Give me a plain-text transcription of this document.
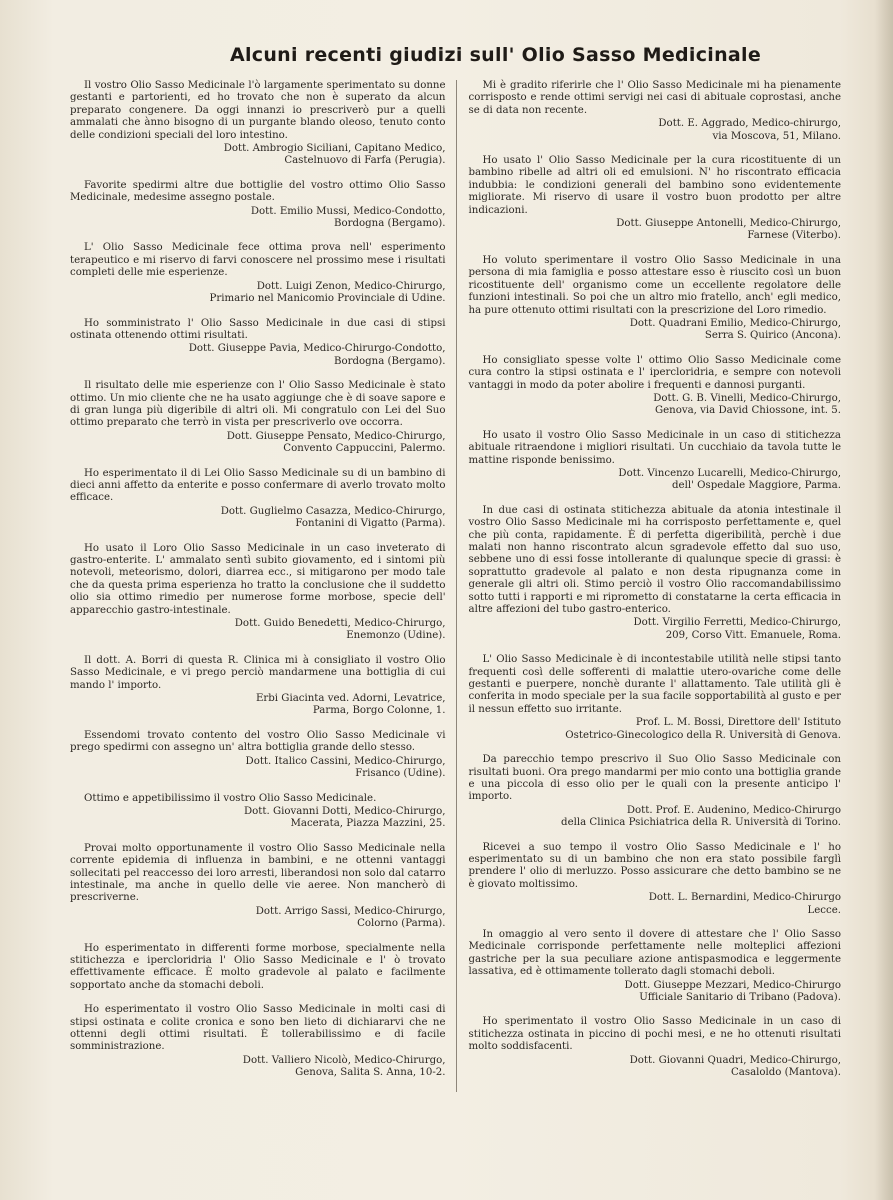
Alcuni recenti giudizi sull' Olio Sasso Medicinale

Il vostro Olio Sasso Medicinale l'ò largamente sperimentato su donne gestanti e partorienti, ed ho trovato che non è superato da alcun preparato congenere. Da oggi innanzi io prescriverò pur a quelli ammalati che ànno bisogno di un purgante blando oleoso, tenuto conto delle condizioni speciali del loro intestino.

Dott. Ambrogio Siciliani, Capitano Medico,
Castelnuovo di Farfa (Perugia).

Favorite spedirmi altre due bottiglie del vostro ottimo Olio Sasso Medicinale, medesime assegno postale.

Dott. Emilio Mussi, Medico-Condotto,
Bordogna (Bergamo).

L' Olio Sasso Medicinale fece ottima prova nell' esperimento terapeutico e mi riservo di farvi conoscere nel prossimo mese i risultati completi delle mie esperienze.

Dott. Luigi Zenon, Medico-Chirurgo,
Primario nel Manicomio Provinciale di Udine.

Ho somministrato l' Olio Sasso Medicinale in due casi di stipsi ostinata ottenendo ottimi risultati.

Dott. Giuseppe Pavia, Medico-Chirurgo-Condotto,
Bordogna (Bergamo).

Il risultato delle mie esperienze con l' Olio Sasso Medicinale è stato ottimo. Un mio cliente che ne ha usato aggiunge che è di soave sapore e di gran lunga più digeribile di altri oli. Mi congratulo con Lei del Suo ottimo preparato che terrò in vista per prescriverlo ove occorra.

Dott. Giuseppe Pensato, Medico-Chirurgo,
Convento Cappuccini, Palermo.

Ho esperimentato il di Lei Olio Sasso Medicinale su di un bambino di dieci anni affetto da enterite e posso confermare di averlo trovato molto efficace.

Dott. Guglielmo Casazza, Medico-Chirurgo,
Fontanini di Vigatto (Parma).

Ho usato il Loro Olio Sasso Medicinale in un caso inveterato di gastro-enterite. L' ammalato sentì subito giovamento, ed i sintomi più notevoli, meteorismo, dolori, diarrea ecc., si mitigarono per modo tale che da questa prima esperienza ho tratto la conclusione che il suddetto olio sia ottimo rimedio per numerose forme morbose, specie dell' apparecchio gastro-intestinale.

Dott. Guido Benedetti, Medico-Chirurgo,
Enemonzo (Udine).

Il dott. A. Borri di questa R. Clinica mi à consigliato il vostro Olio Sasso Medicinale, e vi prego perciò mandarmene una bottiglia di cui mando l' importo.

Erbi Giacinta ved. Adorni, Levatrice,
Parma, Borgo Colonne, 1.

Essendomi trovato contento del vostro Olio Sasso Medicinale vi prego spedirmi con assegno un' altra bottiglia grande dello stesso.

Dott. Italico Cassini, Medico-Chirurgo,
Frisanco (Udine).

Ottimo e appetibilissimo il vostro Olio Sasso Medicinale.

Dott. Giovanni Dotti, Medico-Chirurgo,
Macerata, Piazza Mazzini, 25.

Provai molto opportunamente il vostro Olio Sasso Medicinale nella corrente epidemia di influenza in bambini, e ne ottenni vantaggi sollecitati pel reaccesso dei loro arresti, liberandosi non solo dal catarro intestinale, ma anche in quello delle vie aeree. Non mancherò di prescriverne.

Dott. Arrigo Sassi, Medico-Chirurgo,
Colorno (Parma).

Ho esperimentato in differenti forme morbose, specialmente nella stitichezza e ipercloridria l' Olio Sasso Medicinale e l' ò trovato effettivamente efficace. È molto gradevole al palato e facilmente sopportato anche da stomachi deboli.

Ho esperimentato il vostro Olio Sasso Medicinale in molti casi di stipsi ostinata e colite cronica e sono ben lieto di dichiararvi che ne ottenni degli ottimi risultati. È tollerabilissimo e di facile somministrazione.

Dott. Valliero Nicolò, Medico-Chirurgo,
Genova, Salita S. Anna, 10-2.

Mi è gradito riferirle che l' Olio Sasso Medicinale mi ha pienamente corrisposto e rende ottimi servigi nei casi di abituale coprostasi, anche se di data non recente.

Dott. E. Aggrado, Medico-chirurgo,
via Moscova, 51, Milano.

Ho usato l' Olio Sasso Medicinale per la cura ricostituente di un bambino ribelle ad altri oli ed emulsioni. N' ho riscontrato efficacia indubbia: le condizioni generali del bambino sono evidentemente migliorate. Mi riservo di usare il vostro buon prodotto per altre indicazioni.

Dott. Giuseppe Antonelli, Medico-Chirurgo,
Farnese (Viterbo).

Ho voluto sperimentare il vostro Olio Sasso Medicinale in una persona di mia famiglia e posso attestare esso è riuscito così un buon ricostituente dell' organismo come un eccellente regolatore delle funzioni intestinali. So poi che un altro mio fratello, anch' egli medico, ha pure ottenuto ottimi risultati con la prescrizione del Loro rimedio.

Dott. Quadrani Emilio, Medico-Chirurgo,
Serra S. Quirico (Ancona).

Ho consigliato spesse volte l' ottimo Olio Sasso Medicinale come cura contro la stipsi ostinata e l' ipercloridria, e sempre con notevoli vantaggi in modo da poter abolire i frequenti e dannosi purganti.

Dott. G. B. Vinelli, Medico-Chirurgo,
Genova, via David Chiossone, int. 5.

Ho usato il vostro Olio Sasso Medicinale in un caso di stitichezza abituale ritraendone i migliori risultati. Un cucchiaio da tavola tutte le mattine risponde benissimo.

Dott. Vincenzo Lucarelli, Medico-Chirurgo,
dell' Ospedale Maggiore, Parma.

In due casi di ostinata stitichezza abituale da atonia intestinale il vostro Olio Sasso Medicinale mi ha corrisposto perfettamente e, quel che più conta, rapidamente. È di perfetta digeribilità, perchè i due malati non hanno riscontrato alcun sgradevole effetto dal suo uso, sebbene uno di essi fosse intollerante di qualunque specie di grassi: è soprattutto gradevole al palato e non desta ripugnanza come in generale gli altri oli. Stimo perciò il vostro Olio raccomandabilissimo sotto tutti i rapporti e mi riprometto di constatarne la certa efficacia in altre affezioni del tubo gastro-enterico.

Dott. Virgilio Ferretti, Medico-Chirurgo,
209, Corso Vitt. Emanuele, Roma.

L' Olio Sasso Medicinale è di incontestabile utilità nelle stipsi tanto frequenti così delle sofferenti di malattie utero-ovariche come delle gestanti e puerpere, nonchè durante l' allattamento. Tale utilità gli è conferita in modo speciale per la sua facile sopportabilità al gusto e per il nessun effetto suo irritante.

Prof. L. M. Bossi, Direttore dell' Istituto
Ostetrico-Ginecologico della R. Università di Genova.

Da parecchio tempo prescrivo il Suo Olio Sasso Medicinale con risultati buoni. Ora prego mandarmi per mio conto una bottiglia grande e una piccola di esso olio per le quali con la presente anticipo l' importo.

Dott. Prof. E. Audenino, Medico-Chirurgo
della Clinica Psichiatrica della R. Università di Torino.

Ricevei a suo tempo il vostro Olio Sasso Medicinale e l' ho esperimentato su di un bambino che non era stato possibile farglì prendere l' olio di merluzzo. Posso assicurare che detto bambino se ne è giovato moltissimo.

Dott. L. Bernardini, Medico-Chirurgo
Lecce.

In omaggio al vero sento il dovere di attestare che l' Olio Sasso Medicinale corrisponde perfettamente nelle molteplici affezioni gastriche per la sua peculiare azione antispasmodica e leggermente lassativa, ed è ottimamente tollerato dagli stomachi deboli.

Dott. Giuseppe Mezzari, Medico-Chirurgo
Ufficiale Sanitario di Tribano (Padova).

Ho sperimentato il vostro Olio Sasso Medicinale in un caso di stitichezza ostinata in piccino di pochi mesi, e ne ho ottenuti risultati molto soddisfacenti.

Dott. Giovanni Quadri, Medico-Chirurgo,
Casaloldo (Mantova).
